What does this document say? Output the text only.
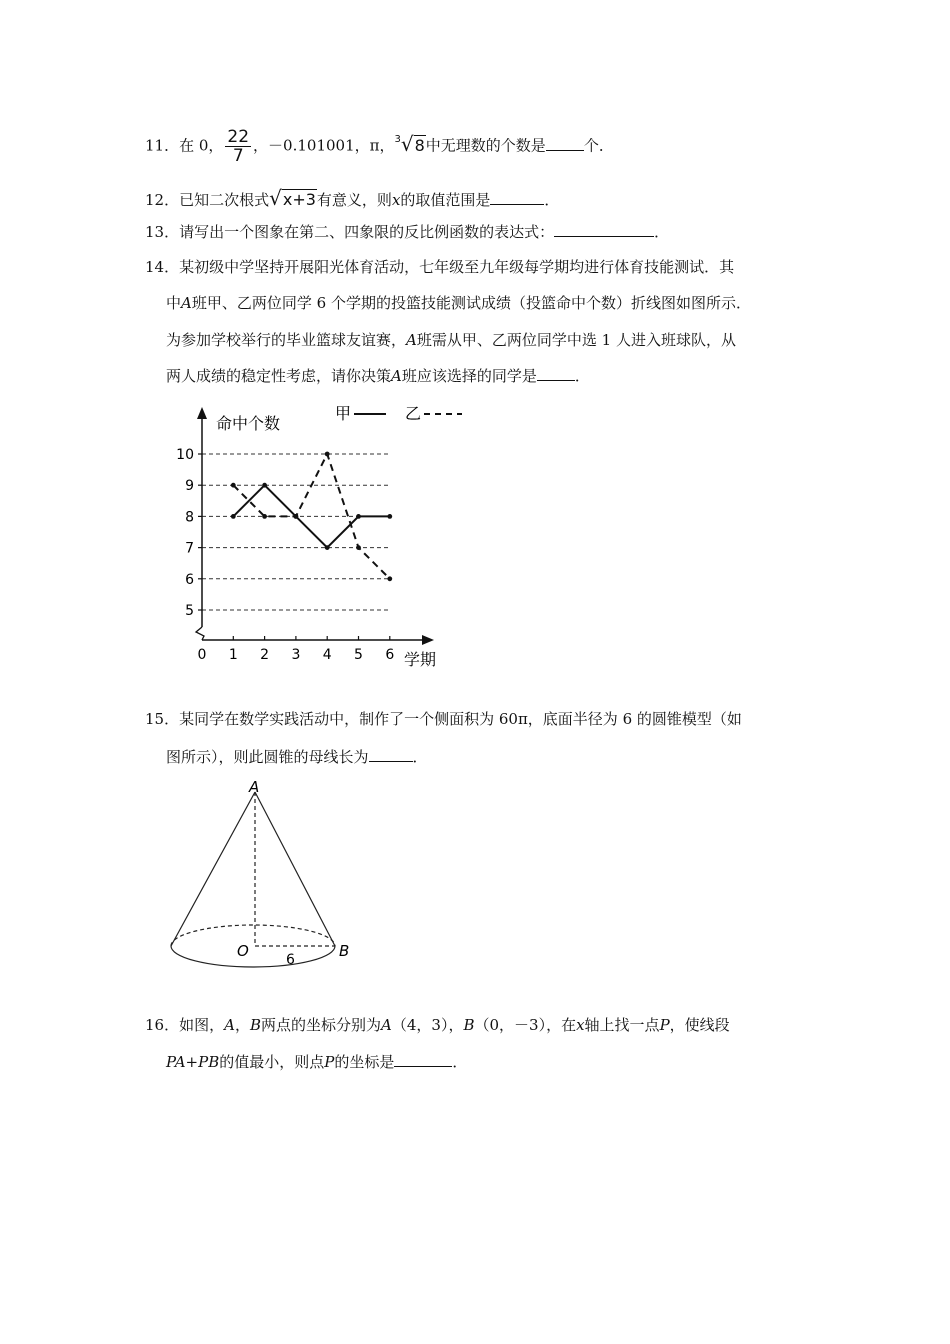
11．在 0， $\frac{22}{7}$ ，－0.101001，π，$^3$√8中无理数的个数是	个．
12．已知二次根式√x+3有意义，则x的取值范围是	．
13．请写出一个图象在第二、四象限的反比例函数的表达式：	．
14．某初级中学坚持开展阳光体育活动，七年级至九年级每学期均进行体育技能测试．其
中A班甲、乙两位同学 6 个学期的投篮技能测试成绩（投篮命中个数）折线图如图所示．
为参加学校举行的毕业篮球友谊赛，A班需从甲、乙两位同学中选 1 人进入班球队，从
两人成绩的稳定性考虑，请你决策A班应该选择的同学是	．
5
6
7
8
9
10
0 1 2 3 4 5 6
命中个数
学期
甲	乙
15．某同学在数学实践活动中，制作了一个侧面积为 60π，底面半径为 6 的圆锥模型（如
图所示），则此圆锥的母线长为	．
A
O	B
6
16．如图，A，B两点的坐标分别为A（4，3），B（0，－3），在x轴上找一点P，使线段
PA+PB的值最小，则点P的坐标是	．
